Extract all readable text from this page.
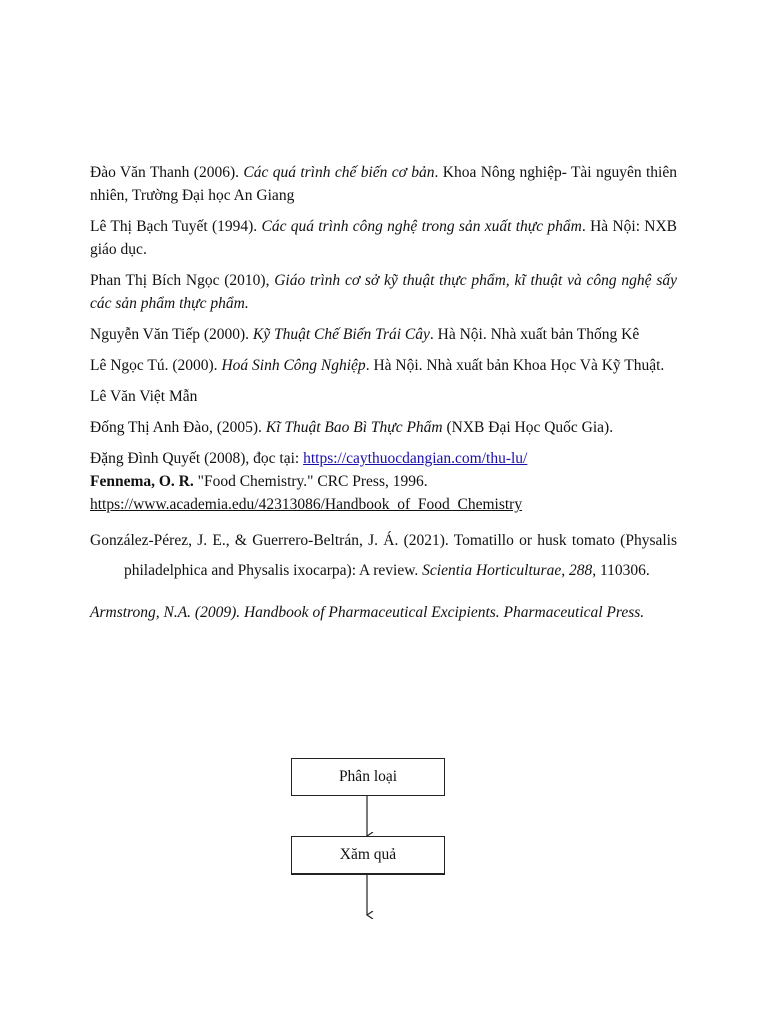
Đào Văn Thanh (2006). Các quá trình chế biến cơ bản. Khoa Nông nghiệp- Tài nguyên thiên nhiên, Trường Đại học An Giang

Lê Thị Bạch Tuyết (1994). Các quá trình công nghệ trong sản xuất thực phẩm. Hà Nội: NXB giáo dục.

Phan Thị Bích Ngọc (2010), Giáo trình cơ sở kỹ thuật thực phẩm, kĩ thuật và công nghệ sấy các sản phẩm thực phẩm.

Nguyễn Văn Tiếp (2000). Kỹ Thuật Chế Biến Trái Cây. Hà Nội. Nhà xuất bản Thống Kê

Lê Ngọc Tú. (2000). Hoá Sinh Công Nghiệp. Hà Nội. Nhà xuất bản Khoa Học Và Kỹ Thuật.

Lê Văn Việt Mẫn

Đống Thị Anh Đào, (2005). Kĩ Thuật Bao Bì Thực Phẩm (NXB Đại Học Quốc Gia).

Đặng Đình Quyết (2008), đọc tại: https://caythuocdangian.com/thu-lu/

Fennema, O. R. "Food Chemistry." CRC Press, 1996.
https://www.academia.edu/42313086/Handbook_of_Food_Chemistry

González-Pérez, J. E., & Guerrero-Beltrán, J. Á. (2021). Tomatillo or husk tomato (Physalis philadelphica and Physalis ixocarpa): A review. Scientia Horticulturae, 288, 110306.

Armstrong, N.A. (2009). Handbook of Pharmaceutical Excipients. Pharmaceutical Press.

Phân loại
Xăm quả
